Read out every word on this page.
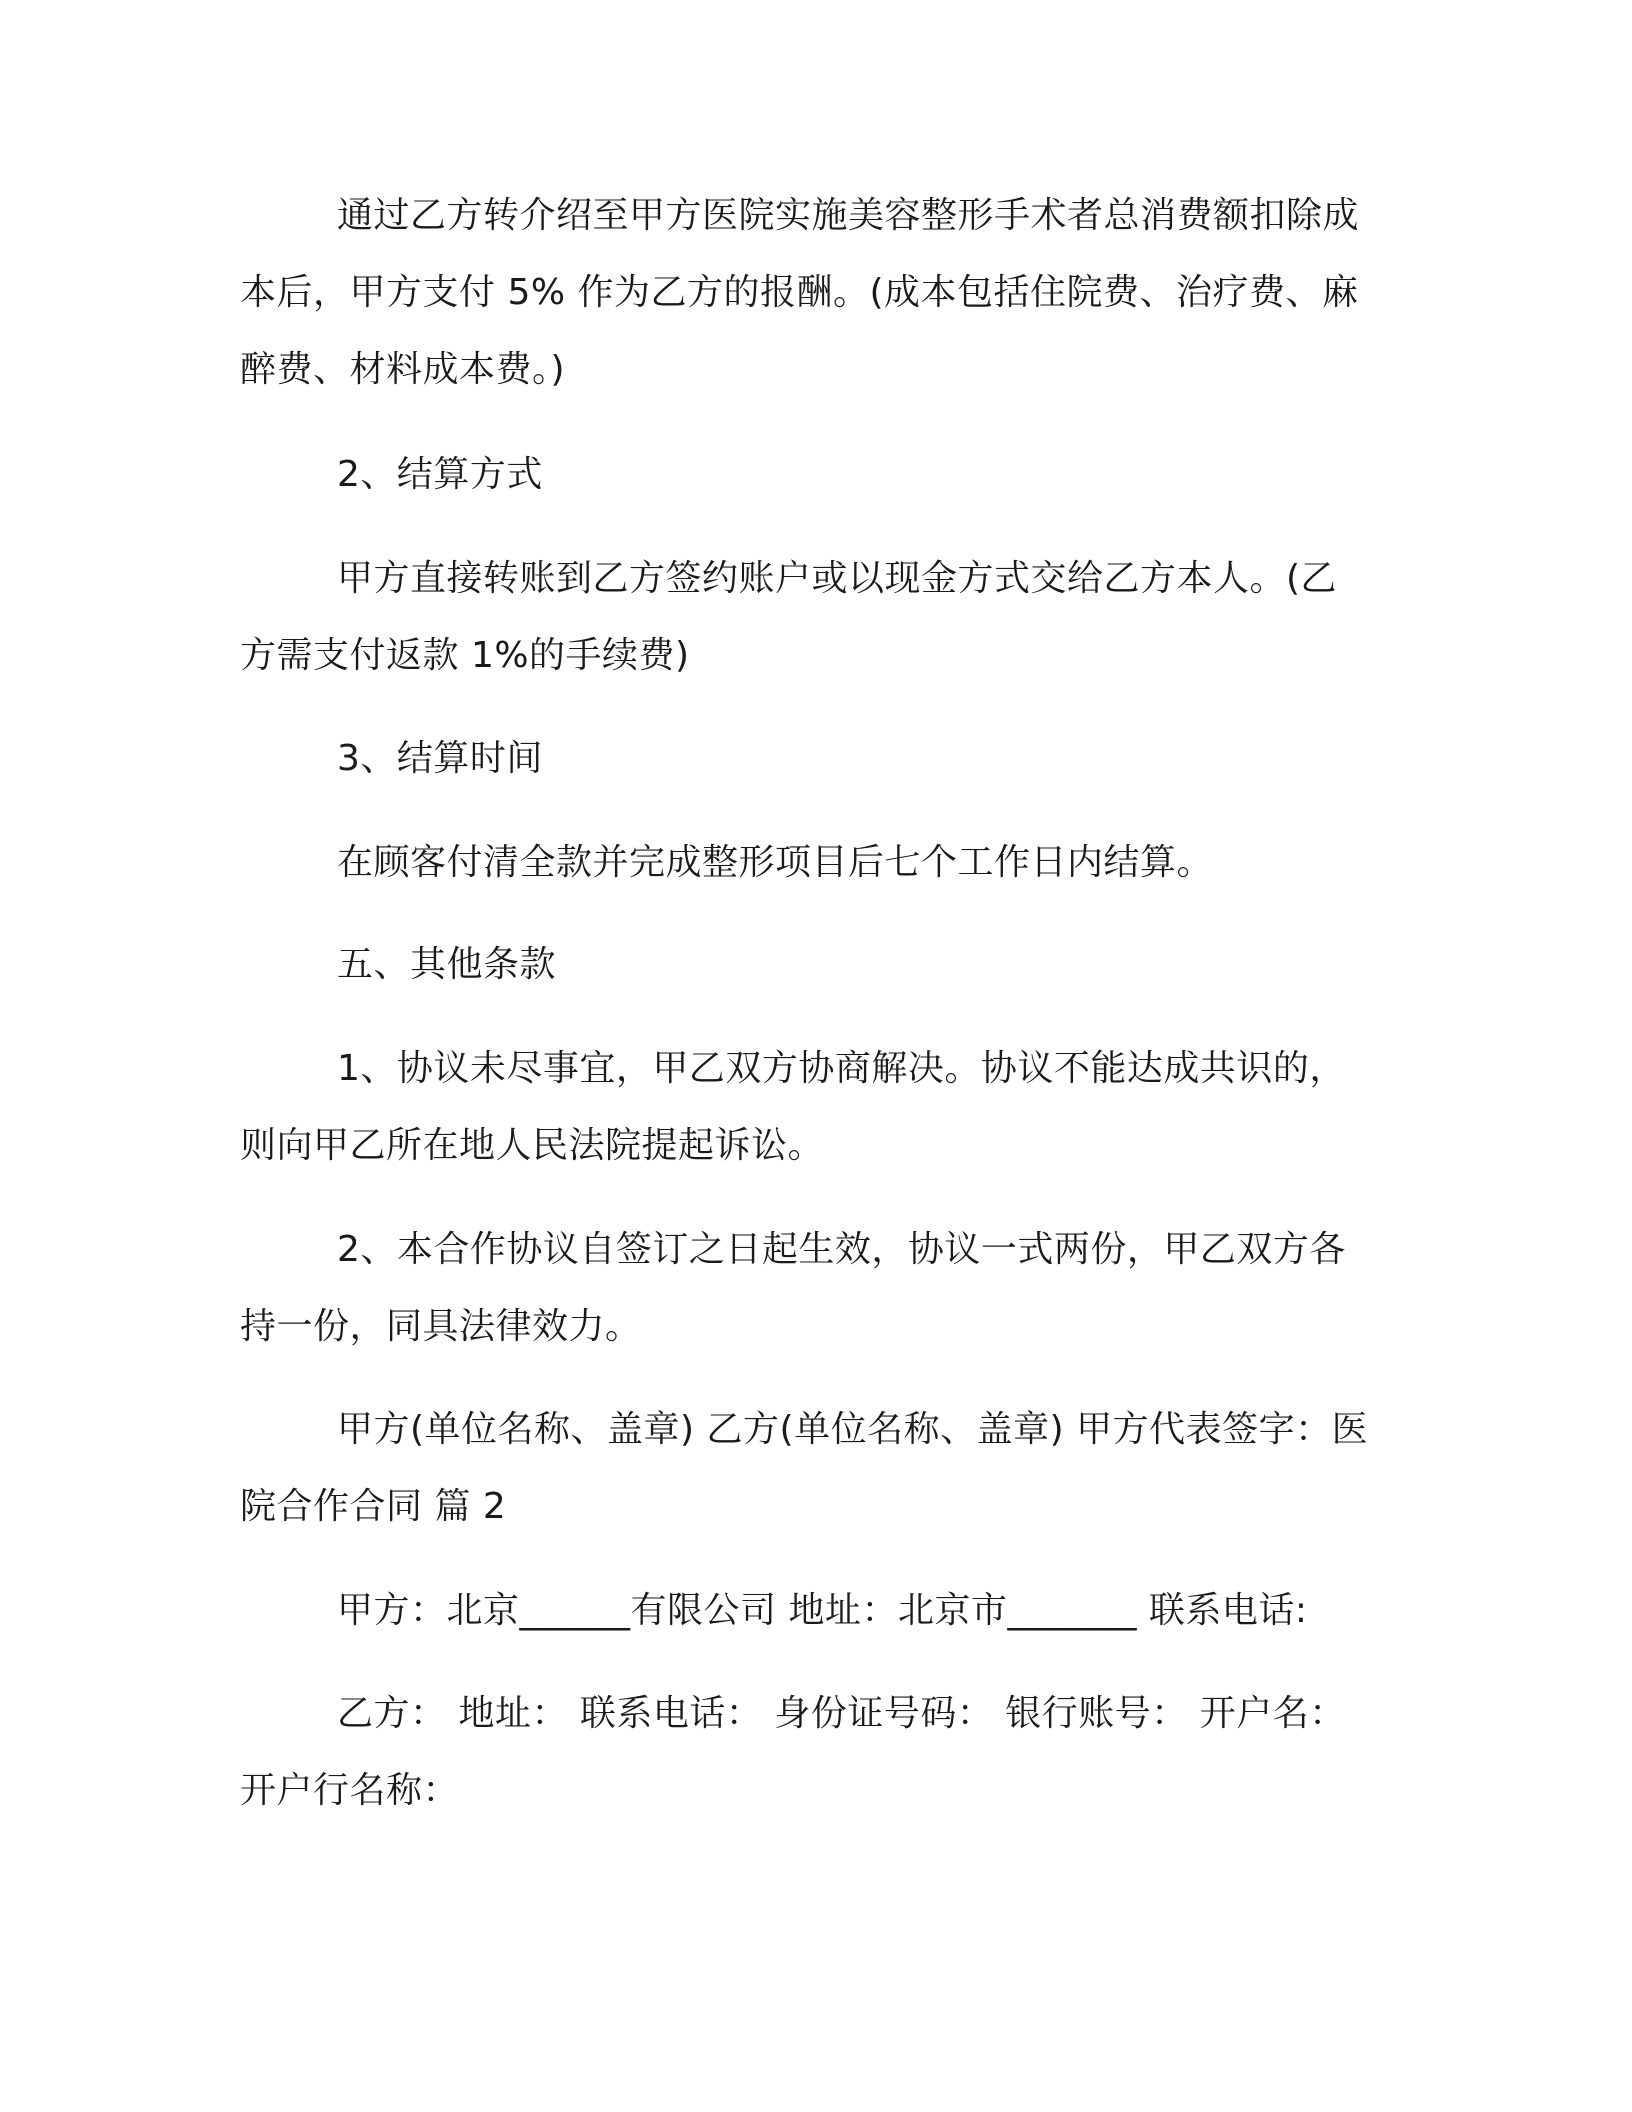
通过乙方转介绍至甲方医院实施美容整形手术者总消费额扣除成
本后，甲方支付 5% 作为乙方的报酬。(成本包括住院费、治疗费、麻
醉费、材料成本费。)
2、结算方式
甲方直接转账到乙方签约账户或以现金方式交给乙方本人。(乙
方需支付返款 1%的手续费)
3、结算时间
在顾客付清全款并完成整形项目后七个工作日内结算。
五、其他条款
1、协议未尽事宜，甲乙双方协商解决。协议不能达成共识的，
则向甲乙所在地人民法院提起诉讼。
2、本合作协议自签订之日起生效，协议一式两份，甲乙双方各
持一份，同具法律效力。
甲方(单位名称、盖章) 乙方(单位名称、盖章) 甲方代表签字：医
院合作合同 篇 2
甲方：北京______有限公司 地址：北京市_______ 联系电话:
乙方： 地址： 联系电话： 身份证号码： 银行账号： 开户名：
开户行名称：
